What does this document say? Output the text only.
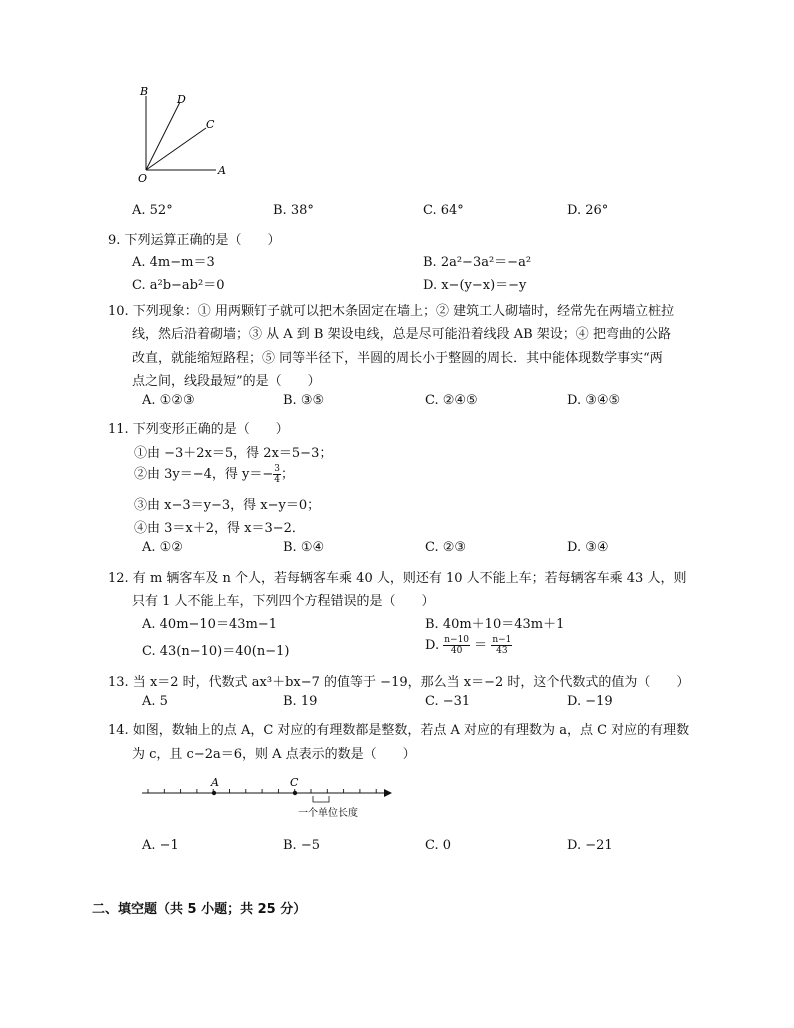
B
D
C
A
O
A. 52°	B. 38°	C. 64°	D. 26°
9. 下列运算正确的是（　　）
A. 4m−m＝3	B. 2a²−3a²＝−a²
C. a²b−ab²＝0	D. x−(y−x)＝−y
10. 下列现象：① 用两颗钉子就可以把木条固定在墙上；② 建筑工人砌墙时，经常先在两墙立桩拉
线，然后沿着砌墙；③ 从 A 到 B 架设电线，总是尽可能沿着线段 AB 架设；④ 把弯曲的公路
改直，就能缩短路程；⑤ 同等半径下，半圆的周长小于整圆的周长．其中能体现数学事实“两
点之间，线段最短”的是（　　）
A. ①②③	B. ③⑤	C. ②④⑤	D. ③④⑤
11. 下列变形正确的是（　　）
①由 −3＋2x＝5，得 2x＝5−3；
②由 3y＝−4，得 $y=- \frac{3}{4}$ ；
③由 x−3＝y−3，得 x−y＝0；
④由 3＝x＋2，得 x＝3−2．
A. ①②	B. ①④	C. ②③	D. ③④
12. 有 m 辆客车及 n 个人，若每辆客车乘 40 人，则还有 10 人不能上车；若每辆客车乘 43 人，则
只有 1 人不能上车，下列四个方程错误的是（　　）
A. 40m−10＝43m−1	B. 40m＋10＝43m＋1
C. 43(n−10)＝40(n−1)	D. $\frac{n-10}{40} = \frac{n-1}{43}$
13. 当 x＝2 时，代数式 ax³＋bx−7 的值等于 −19，那么当 x＝−2 时，这个代数式的值为（　　）
A. 5	B. 19	C. −31	D. −19
14. 如图，数轴上的点 A，C 对应的有理数都是整数，若点 A 对应的有理数为 a，点 C 对应的有理数
为 c，且 c−2a＝6，则 A 点表示的数是（　　）
A	C
一个单位长度
A. −1	B. −5	C. 0	D. −21
二、填空题（共 5 小题；共 25 分）
